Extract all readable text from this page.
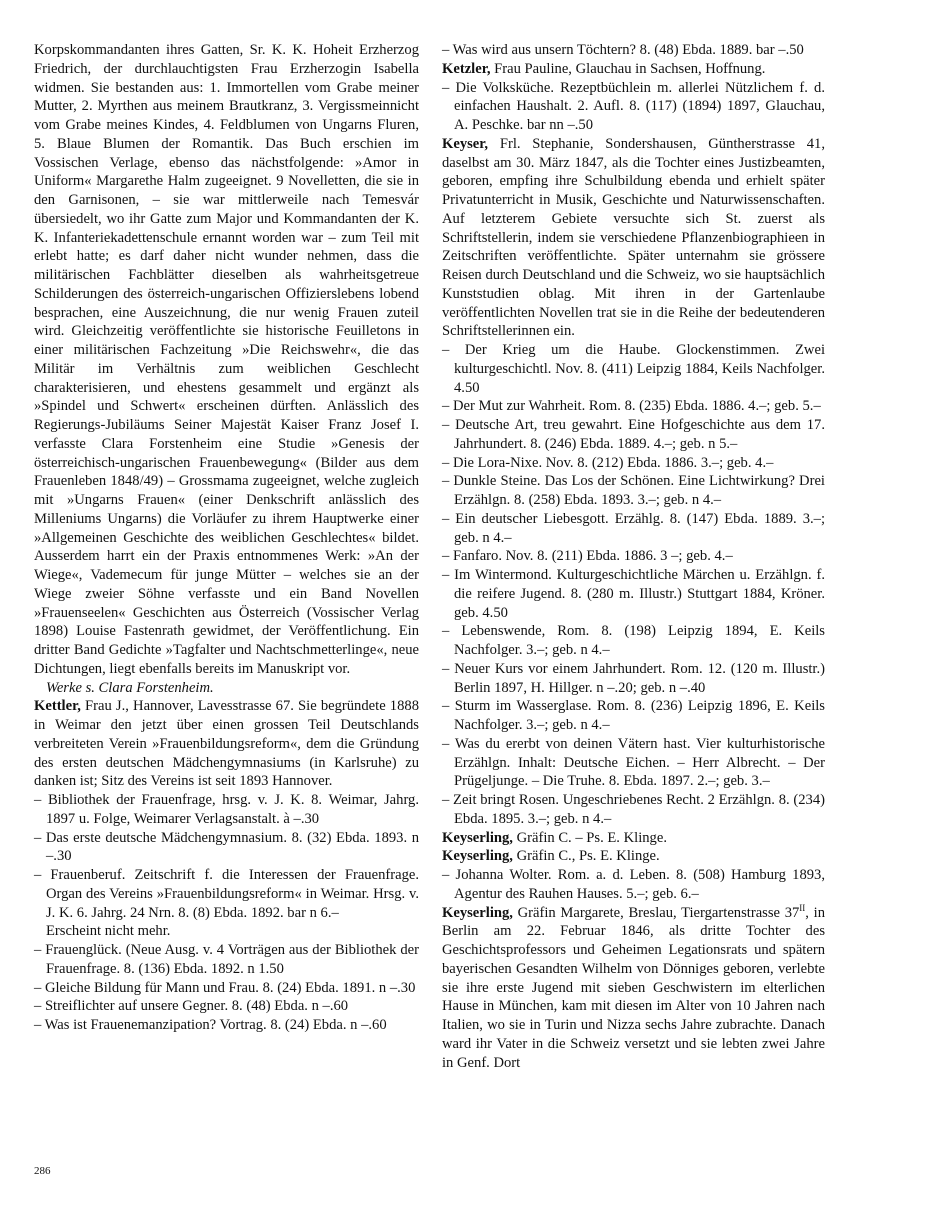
Korpskommandanten ihres Gatten, Sr. K. K. Hoheit Erzherzog Friedrich, der durchlauchtigsten Frau Erzherzogin Isabella widmen. Sie bestanden aus: 1. Immortellen vom Grabe meiner Mutter, 2. Myrthen aus meinem Brautkranz, 3. Vergissmeinnicht vom Grabe meines Kindes, 4. Feldblumen von Ungarns Fluren, 5. Blaue Blumen der Romantik. Das Buch erschien im Vossischen Verlage, ebenso das nächstfolgende: »Amor in Uniform« Margarethe Halm zugeeignet. 9 Novelletten, die sie in den Garnisonen, – sie war mittlerweile nach Temesvár übersiedelt, wo ihr Gatte zum Major und Kommandanten der K. K. Infanteriekadettenschule ernannt worden war – zum Teil mit erlebt hatte; es darf daher nicht wunder nehmen, dass die militärischen Fachblätter dieselben als wahrheitsgetreue Schilderungen des österreich-ungarischen Offizierslebens lobend besprachen, eine Auszeichnung, die nur wenig Frauen zuteil wird. Gleichzeitig veröffentlichte sie historische Feuilletons in einer militärischen Fachzeitung »Die Reichswehr«, die das Militär im Verhältnis zum weiblichen Geschlecht charakterisieren, und ehestens gesammelt und ergänzt als »Spindel und Schwert« erscheinen dürften. Anlässlich des Regierungs-Jubiläums Seiner Majestät Kaiser Franz Josef I. verfasste Clara Forstenheim eine Studie »Genesis der österreichisch-ungarischen Frauenbewegung« (Bilder aus dem Frauenleben 1848/49) – Grossmama zugeeignet, welche zugleich mit »Ungarns Frauen« (einer Denkschrift anlässlich des Milleniums Ungarns) die Vorläufer zu ihrem Hauptwerke einer »Allgemeinen Geschichte des weiblichen Geschlechtes« bildet. Ausserdem harrt ein der Praxis entnommenes Werk: »An der Wiege«, Vademecum für junge Mütter – welches sie an der Wiege zweier Söhne verfasste und ein Band Novellen »Frauenseelen« Geschichten aus Österreich (Vossischer Verlag 1898) Louise Fastenrath gewidmet, der Veröffentlichung. Ein dritter Band Gedichte »Tagfalter und Nachtschmetterlinge«, neue Dichtungen, liegt ebenfalls bereits im Manuskript vor.

Werke s. Clara Forstenheim.

Kettler, Frau J., Hannover, Lavesstrasse 67. Sie begründete 1888 in Weimar den jetzt über einen grossen Teil Deutschlands verbreiteten Verein »Frauenbildungsreform«, dem die Gründung des ersten deutschen Mädchengymnasiums (in Karlsruhe) zu danken ist; Sitz des Vereins ist seit 1893 Hannover.

– Bibliothek der Frauenfrage, hrsg. v. J. K. 8. Weimar, Jahrg. 1897 u. Folge, Weimarer Verlagsanstalt. à –.30

– Das erste deutsche Mädchengymnasium. 8. (32) Ebda. 1893. n –.30

– Frauenberuf. Zeitschrift f. die Interessen der Frauenfrage. Organ des Vereins »Frauenbildungsreform« in Weimar. Hrsg. v. J. K. 6. Jahrg. 24 Nrn. 8. (8) Ebda. 1892. bar n 6.–

Erscheint nicht mehr.

– Frauenglück. (Neue Ausg. v. 4 Vorträgen aus der Bibliothek der Frauenfrage. 8. (136) Ebda. 1892. n 1.50

– Gleiche Bildung für Mann und Frau. 8. (24) Ebda. 1891. n –.30

– Streiflichter auf unsere Gegner. 8. (48) Ebda. n –.60

– Was ist Frauenemanzipation? Vortrag. 8. (24) Ebda. n –.60

– Was wird aus unsern Töchtern? 8. (48) Ebda. 1889. bar –.50

Ketzler, Frau Pauline, Glauchau in Sachsen, Hoffnung.

– Die Volksküche. Rezeptbüchlein m. allerlei Nützlichem f. d. einfachen Haushalt. 2. Aufl. 8. (117) (1894) 1897, Glauchau, A. Peschke. bar nn –.50

Keyser, Frl. Stephanie, Sondershausen, Güntherstrasse 41, daselbst am 30. März 1847, als die Tochter eines Justizbeamten, geboren, empfing ihre Schulbildung ebenda und erhielt später Privatunterricht in Musik, Geschichte und Naturwissenschaften. Auf letzterem Gebiete versuchte sich St. zuerst als Schriftstellerin, indem sie verschiedene Pflanzenbiographieen in Zeitschriften veröffentlichte. Später unternahm sie grössere Reisen durch Deutschland und die Schweiz, wo sie hauptsächlich Kunststudien oblag. Mit ihren in der Gartenlaube veröffentlichten Novellen trat sie in die Reihe der bedeutenderen Schriftstellerinnen ein.

– Der Krieg um die Haube. Glockenstimmen. Zwei kulturgeschichtl. Nov. 8. (411) Leipzig 1884, Keils Nachfolger. 4.50

– Der Mut zur Wahrheit. Rom. 8. (235) Ebda. 1886. 4.–; geb. 5.–

– Deutsche Art, treu gewahrt. Eine Hofgeschichte aus dem 17. Jahrhundert. 8. (246) Ebda. 1889. 4.–; geb. n 5.–

– Die Lora-Nixe. Nov. 8. (212) Ebda. 1886. 3.–; geb. 4.–

– Dunkle Steine. Das Los der Schönen. Eine Lichtwirkung? Drei Erzählgn. 8. (258) Ebda. 1893. 3.–; geb. n 4.–

– Ein deutscher Liebesgott. Erzählg. 8. (147) Ebda. 1889. 3.–; geb. n 4.–

– Fanfaro. Nov. 8. (211) Ebda. 1886. 3 –; geb. 4.–

– Im Wintermond. Kulturgeschichtliche Märchen u. Erzählgn. f. die reifere Jugend. 8. (280 m. Illustr.) Stuttgart 1884, Kröner. geb. 4.50

– Lebenswende, Rom. 8. (198) Leipzig 1894, E. Keils Nachfolger. 3.–; geb. n 4.–

– Neuer Kurs vor einem Jahrhundert. Rom. 12. (120 m. Illustr.) Berlin 1897, H. Hillger. n –.20; geb. n –.40

– Sturm im Wasserglase. Rom. 8. (236) Leipzig 1896, E. Keils Nachfolger. 3.–; geb. n 4.–

– Was du ererbt von deinen Vätern hast. Vier kulturhistorische Erzählgn. Inhalt: Deutsche Eichen. – Herr Albrecht. – Der Prügeljunge. – Die Truhe. 8. Ebda. 1897. 2.–; geb. 3.–

– Zeit bringt Rosen. Ungeschriebenes Recht. 2 Erzählgn. 8. (234) Ebda. 1895. 3.–; geb. n 4.–

Keyserling, Gräfin C. – Ps. E. Klinge.

Keyserling, Gräfin C., Ps. E. Klinge.

– Johanna Wolter. Rom. a. d. Leben. 8. (508) Hamburg 1893, Agentur des Rauhen Hauses. 5.–; geb. 6.–

Keyserling, Gräfin Margarete, Breslau, Tiergartenstrasse $37^{II}$, in Berlin am 22. Februar 1846, als dritte Tochter des Geschichtsprofessors und Geheimen Legationsrats und spätern bayerischen Gesandten Wilhelm von Dönniges geboren, verlebte sie ihre erste Jugend mit sieben Geschwistern im elterlichen Hause in München, kam mit diesen im Alter von 10 Jahren nach Italien, wo sie in Turin und Nizza sechs Jahre zubrachte. Danach ward ihr Vater in die Schweiz versetzt und sie lebten zwei Jahre in Genf. Dort

286
